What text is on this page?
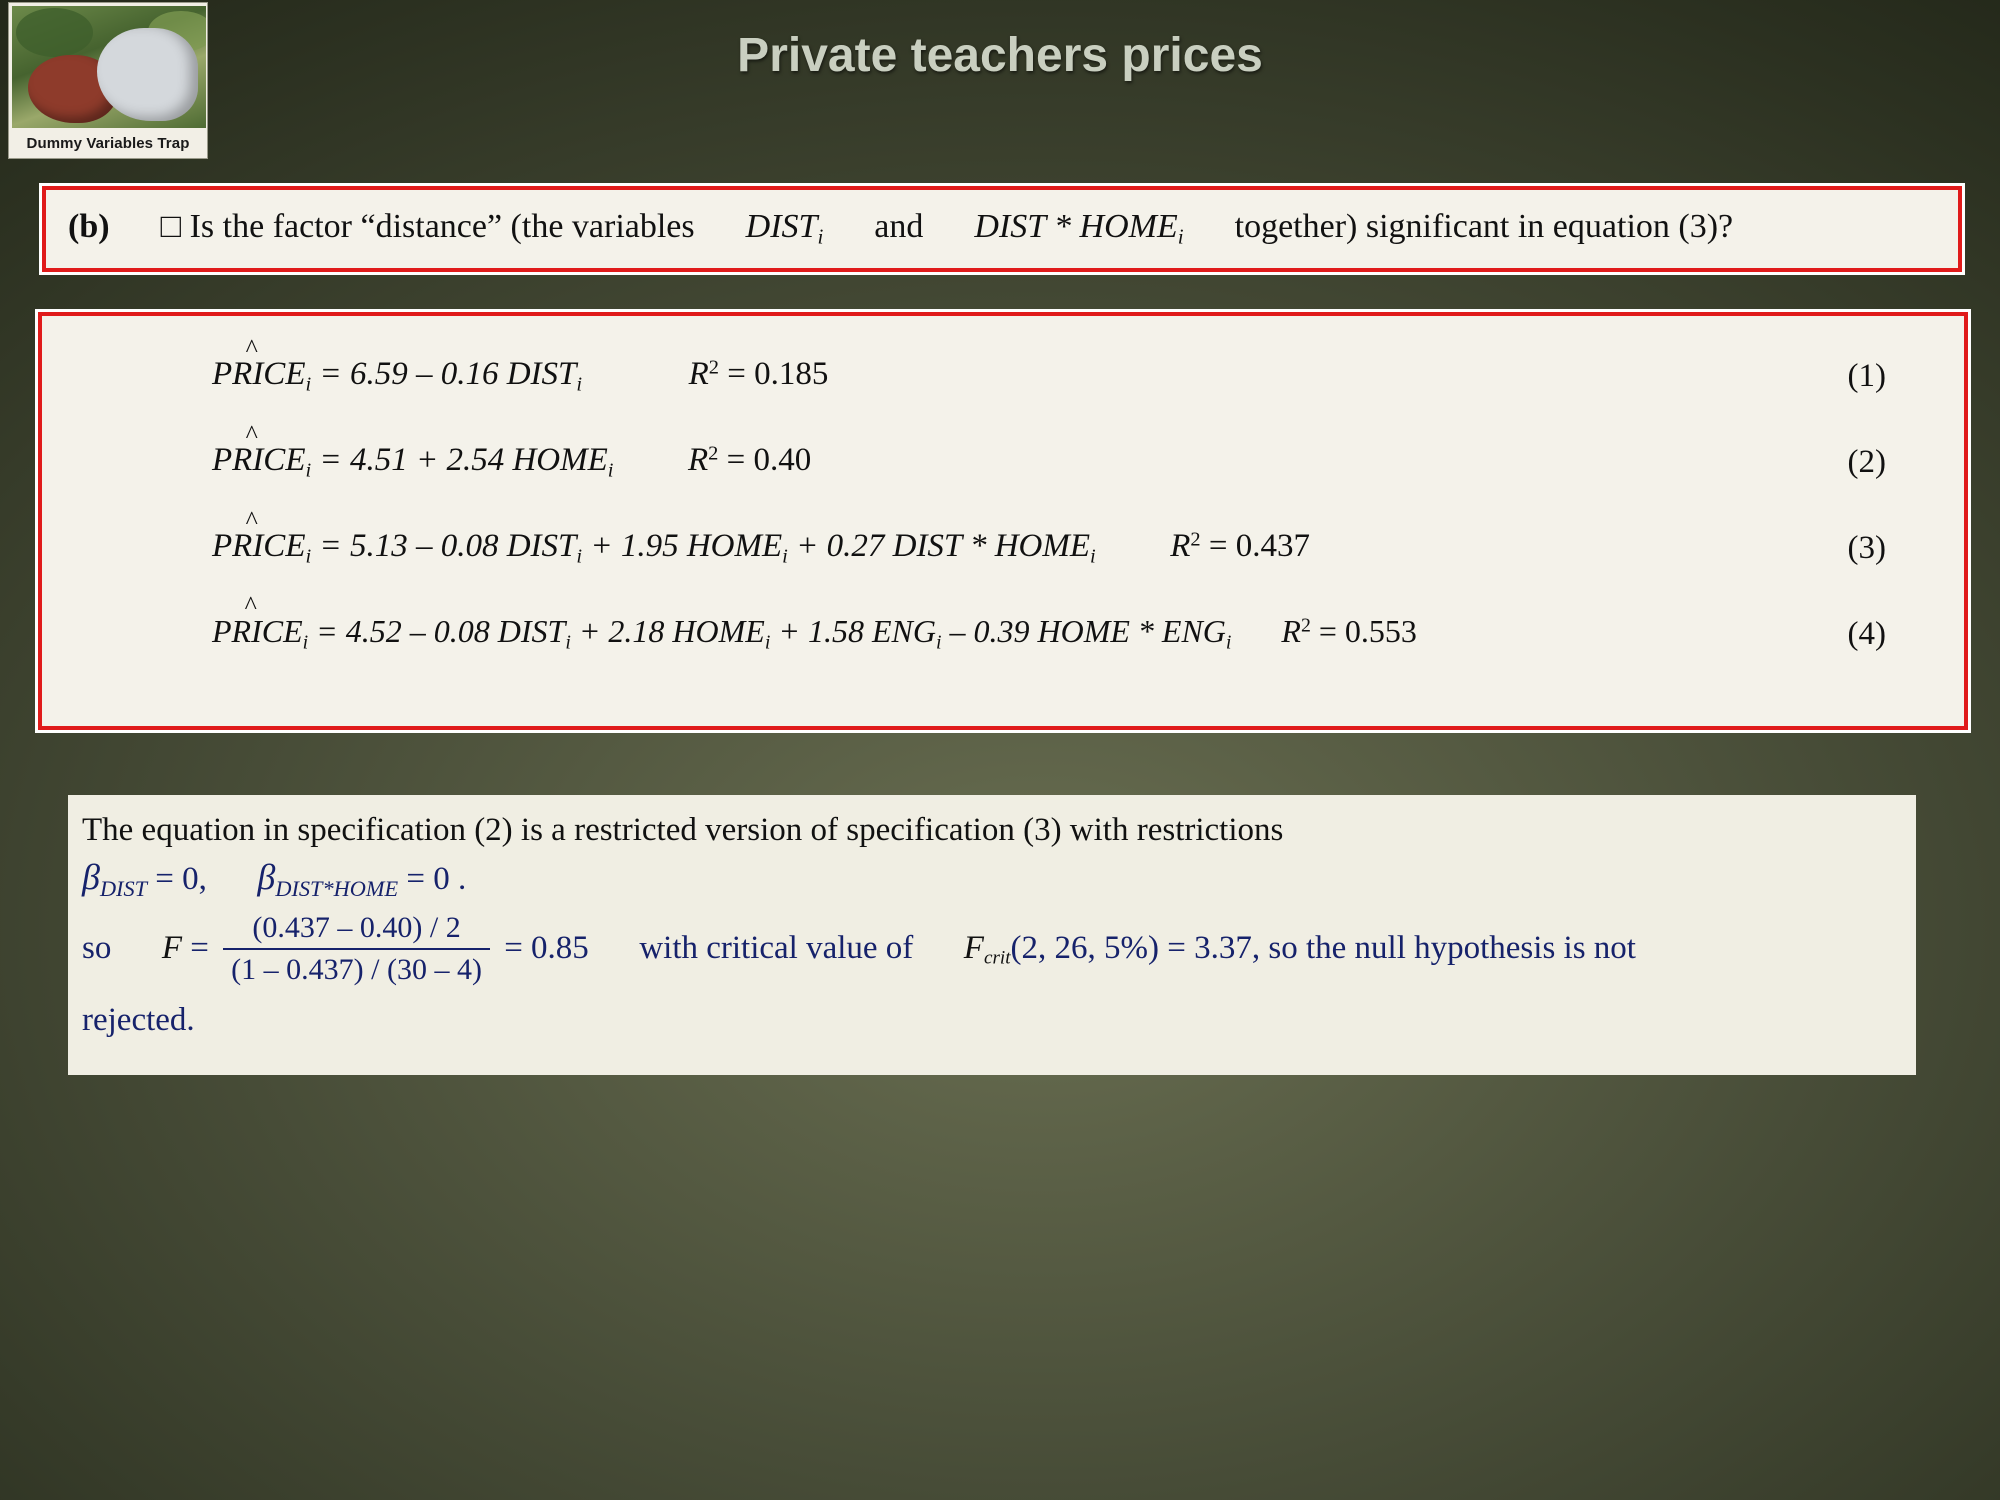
Dummy Variables Trap
Private teachers prices
(b) □ Is the factor “distance” (the variables $DIST_i$ and DIST * $HOME_i$ together) significant in equation (3)?
^
$PRICE_i = 6.59 - 0.16$ $DIST_i$	$R^2 = 0.185$	(1)
^
$PRICE_i = 4.51 + 2.54$ $HOME_i$ $R^2 = 0.40$	(2)
^
$PRICE_i = 5.13 - 0.08$ $DIST_i + 1.95$ $HOME_i + 0.27$ DIST * $HOME_i$ $R^2 = 0.437$	(3)
^
$PRICE_i = 4.52 - 0.08$ $DIST_i + 2.18$ $HOME_i + 1.58$ $ENG_i - 0.39$ HOME * $ENG_i$ $R^2 = 0.553$	(4)
The equation in specification (2) is a restricted version of specification (3) with restrictions
$\beta_{DIST} = 0$, $\beta_{DIST*HOME} = 0$ .
so $F = \frac{(0.437 - 0.40) / 2}{(1 - 0.437) / (30 - 4)} = 0.85$ with critical value of Fcrit(2, 26, 5%) = 3.37, so the null hypothesis is not
rejected.
